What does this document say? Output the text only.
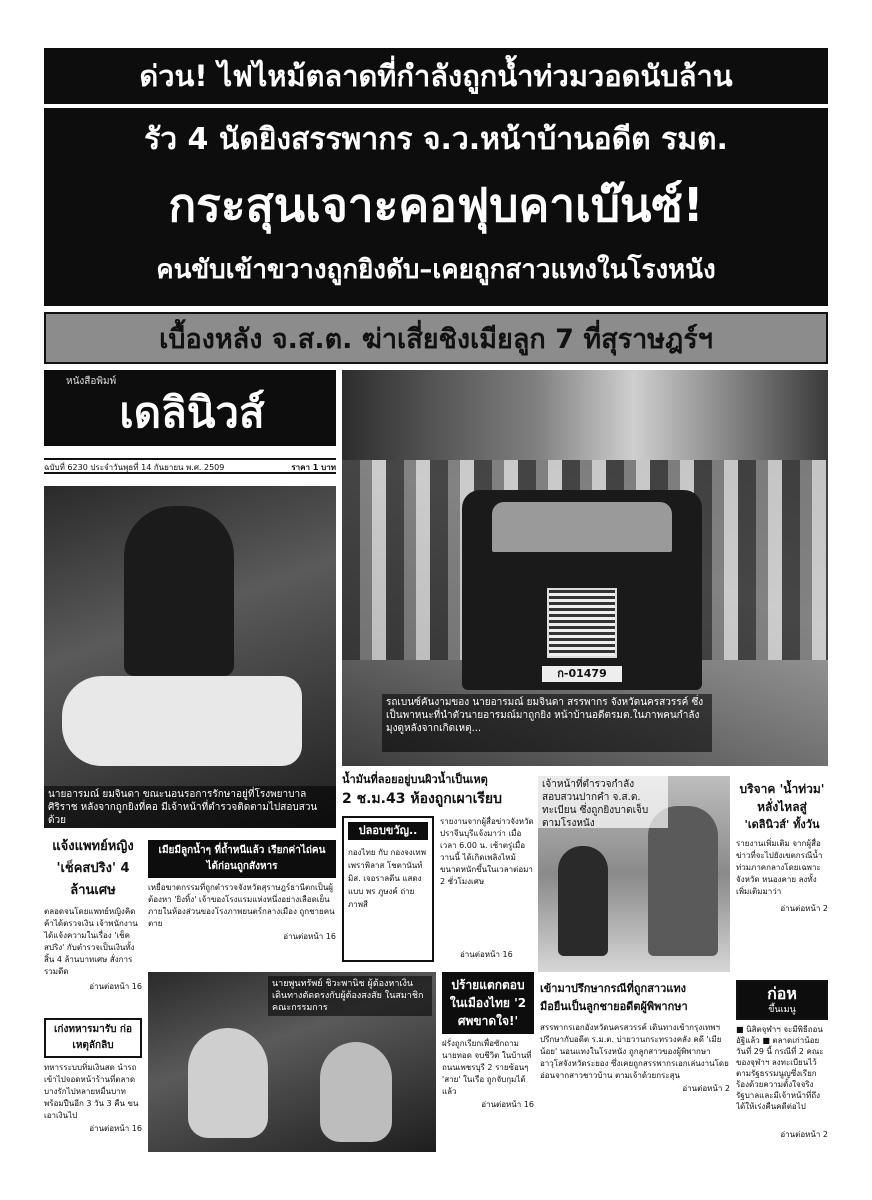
ด่วน! ไฟไหม้ตลาดที่กำลังถูกน้ำท่วมวอดนับล้าน
รัว 4 นัดยิงสรรพากร จ.ว.หน้าบ้านอดีต รมต.
กระสุนเจาะคอฟุบคาเบ๊นซ์!
คนขับเข้าขวางถูกยิงดับ–เคยถูกสาวแทงในโรงหนัง
เบื้องหลัง จ.ส.ต. ฆ่าเสี่ยชิงเมียลูก 7 ที่สุราษฎร์ฯ
หนังสือพิมพ์
เดลินิวส์
ฉบับที่ 6230 ประจำวันพุธที่ 14 กันยายน พ.ศ. 2509	ราคา 1 บาท
นายอารมณ์ ยมจินดา ขณะนอนรอการรักษาอยู่ที่โรงพยาบาลศิริราช หลังจากถูกยิงที่คอ มีเจ้าหน้าที่ตำรวจติดตามไปสอบสวนด้วย
ก-01479
รถเบนซ์คันงามของ นายอารมณ์ ยมจินดา สรรพากร จังหวัดนครสวรรค์ ซึ่งเป็นพาหนะที่นำตัวนายอารมณ์มาถูกยิง หน้าบ้านอดีตรมต.ในภาพคนกำลังมุงดูหลังจากเกิดเหตุ...
น้ำมันที่ลอยอยู่บนผิวน้ำเป็นเหตุ
2 ช.ม.43 ห้องถูกเผาเรียบ
ปลอบขวัญ..
กองไทย กับ กองจงเทพ เพราพิลาส โชตานันท์ มิส. เจอราลดีน แสดงแบบ พร ภูษงค์ ถ่ายภาพสี
รายงานจากผู้สื่อข่าวจังหวัดปราจีนบุรีแจ้งมาว่า เมื่อเวลา 6.00 น. เช้าตรู่เมื่อวานนี้ ได้เกิดเพลิงไหม้ขนาดหนักขึ้นในเวลาต่อมา 2 ชั่วโมงเศษ
อ่านต่อหน้า 16
เจ้าหน้าที่ตำรวจกำลังสอบสวนปากคำ จ.ส.ต. ทะเบียน ซึ่งถูกยิงบาดเจ็บ ตามโรงหนัง
บริจาค 'น้ำท่วม'
หลั่งไหลสู่
'เดลินิวส์' ทั้งวัน
รายงานเพิ่มเติม จากผู้สื่อข่าวที่จะไปยังเขตกรณีน้ำท่วมภาคกลางโดยเฉพาะจังหวัด หนองคาย ลงทั้งเพิ่มเติมมาว่า
อ่านต่อหน้า 2
แจ้งแพทย์หญิง 'เช็คสปริง' 4 ล้านเศษ
ตลอดจนโดยแพทย์หญิงคิดค้าได้ตรวจเงิน เจ้าพนักงานได้แจ้งความในเรื่อง 'เช็คสปริง' กับตำรวจเป็นเงินทั้งสิ้น 4 ล้านบาทเศษ สั่งการรวมดีด
อ่านต่อหน้า 16
เมียมีลูกน้ำๆ ที่ถ้ำหนีแล้ว เรียกค่าไถ่คนได้ก่อนถูกสังหาร
เหยื่อฆาตกรรมที่ถูกตำรวจจังหวัดสุราษฎร์ธานีตกเป็นผู้ต้องหา 'ยิงทิ้ง' เจ้าของโรงแรมแห่งหนึ่งอย่างเลือดเย็น ภายในห้องส่วนของโรงภาพยนตร์กลางเมือง ถูกชายคนตาย
อ่านต่อหน้า 16
เก่งทหารมารับ ก่อเหตุลักลิบ
ทหารระบบทิ่มเงินสด นำรถเข้าไปจอดหน้าร้านที่ตลาดบางรักไปหลายหมื่นบาท พร้อมปืนอีก 3 วัน 3 คืน ขนเอาเงินไป
อ่านต่อหน้า 16
นายพูนทรัพย์ ชิวะพานิช ผู้ต้องหาเงินเดินทางตัดตรงกับผู้ต้องสงสัย ในสมาชิกคณะกรรมการ
ปร้ายแตกตอบในเมืองไทย '2 ศพขาดใจ!'
ฝรั่งถูกเรียกเพื่อซักถาม นายทอด จบชีวิต ในบ้านที่ถนนเพชรบุรี 2 รายซ้อนๆ 'สาย' ในเรือ ถูกจับกุมได้แล้ว
อ่านต่อหน้า 16
เข้ามาปรึกษากรณีที่ถูกสาวแทง
มือยืนเป็นลูกชายอดีตผู้พิพากษา
สรรพากรเอกอังหวัดนครสวรรค์ เดินทางเข้ากรุงเทพฯ ปรึกษากับอดีต ร.ม.ต. บ่ายวานกระทรวงคลัง คดี 'เมียน้อย' นอนแทงในโรงหนัง ถูกลูกสาวของผู้พิพากษาอาวุโสจังหวัดระยอง ซึ่งเคยถูกสรรพากรเอกเล่นงานโดยอ่อนจากสาวชาวบ้าน ตามเจ้าด้วยกระสุน
อ่านต่อหน้า 2
ก่อห
ขึ้นเมนู
■ นิสิตจุฬาฯ จะมีพิธีถอนอัฐิแล้ว ■ ตลาดเก่าน้อยวันที่ 29 นี้ กรณีที่ 2 คณะของจุฬาฯ ลงทะเบียนไว้ตามรัฐธรรมนูญซึ่งเรียกร้องด้วยความตั้งใจจริง รัฐบาลและมีเจ้าหน้าที่ถึงได้ให้เร่งคืนคดีต่อไป
อ่านต่อหน้า 2
